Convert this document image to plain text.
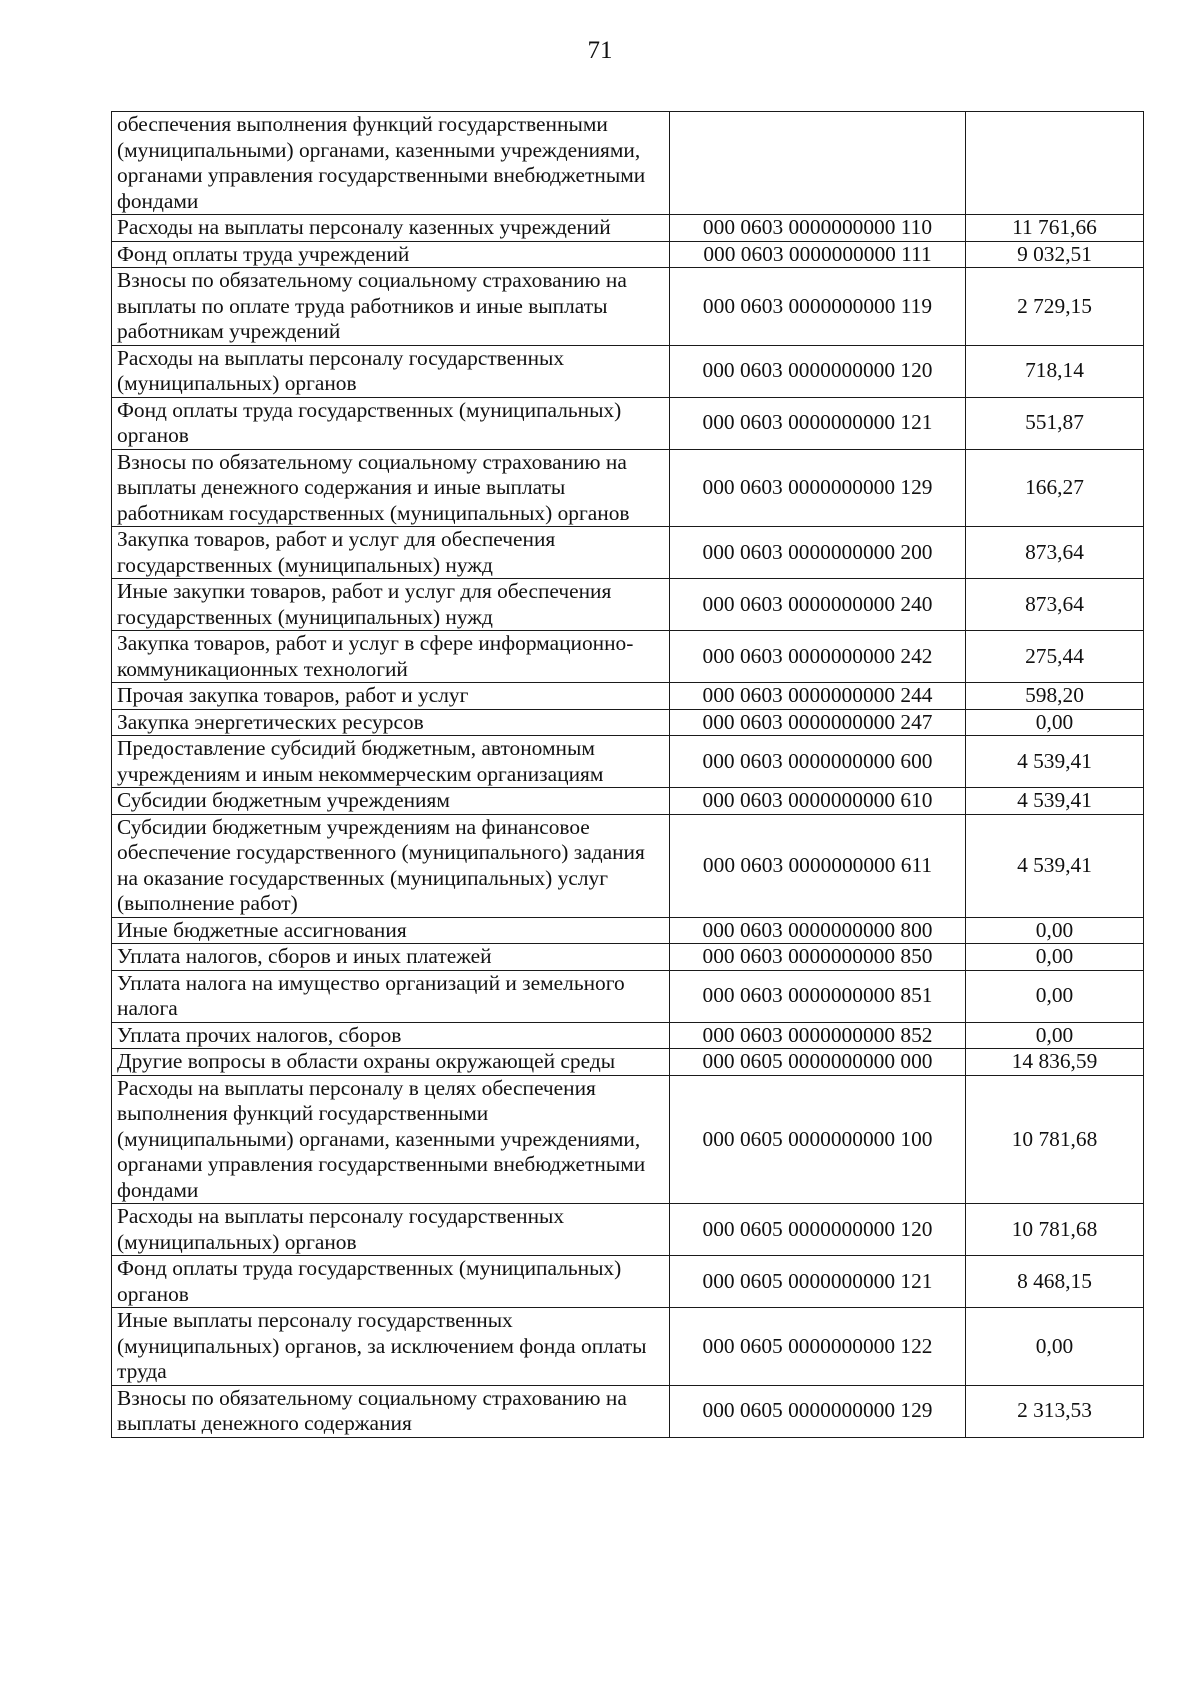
71
обеспечения выполнения функций государственными (муниципальными) органами, казенными учреждениями, органами управления государственными внебюджетными фондами		
Расходы на выплаты персоналу казенных учреждений	000 0603 0000000000 110	11 761,66
Фонд оплаты труда учреждений	000 0603 0000000000 111	9 032,51
Взносы по обязательному социальному страхованию на выплаты по оплате труда работников и иные выплаты работникам учреждений	000 0603 0000000000 119	2 729,15
Расходы на выплаты персоналу государственных (муниципальных) органов	000 0603 0000000000 120	718,14
Фонд оплаты труда государственных (муниципальных) органов	000 0603 0000000000 121	551,87
Взносы по обязательному социальному страхованию на выплаты денежного содержания и иные выплаты работникам государственных (муниципальных) органов	000 0603 0000000000 129	166,27
Закупка товаров, работ и услуг для обеспечения государственных (муниципальных) нужд	000 0603 0000000000 200	873,64
Иные закупки товаров, работ и услуг для обеспечения государственных (муниципальных) нужд	000 0603 0000000000 240	873,64
Закупка товаров, работ и услуг в сфере информационно-коммуникационных технологий	000 0603 0000000000 242	275,44
Прочая закупка товаров, работ и услуг	000 0603 0000000000 244	598,20
Закупка энергетических ресурсов	000 0603 0000000000 247	0,00
Предоставление субсидий бюджетным, автономным учреждениям и иным некоммерческим организациям	000 0603 0000000000 600	4 539,41
Субсидии бюджетным учреждениям	000 0603 0000000000 610	4 539,41
Субсидии бюджетным учреждениям на финансовое обеспечение государственного (муниципального) задания на оказание государственных (муниципальных) услуг (выполнение работ)	000 0603 0000000000 611	4 539,41
Иные бюджетные ассигнования	000 0603 0000000000 800	0,00
Уплата налогов, сборов и иных платежей	000 0603 0000000000 850	0,00
Уплата налога на имущество организаций и земельного налога	000 0603 0000000000 851	0,00
Уплата прочих налогов, сборов	000 0603 0000000000 852	0,00
Другие вопросы в области охраны окружающей среды	000 0605 0000000000 000	14 836,59
Расходы на выплаты персоналу в целях обеспечения выполнения функций государственными (муниципальными) органами, казенными учреждениями, органами управления государственными внебюджетными фондами	000 0605 0000000000 100	10 781,68
Расходы на выплаты персоналу государственных (муниципальных) органов	000 0605 0000000000 120	10 781,68
Фонд оплаты труда государственных (муниципальных) органов	000 0605 0000000000 121	8 468,15
Иные выплаты персоналу государственных (муниципальных) органов, за исключением фонда оплаты труда	000 0605 0000000000 122	0,00
Взносы по обязательному социальному страхованию на выплаты денежного содержания	000 0605 0000000000 129	2 313,53
